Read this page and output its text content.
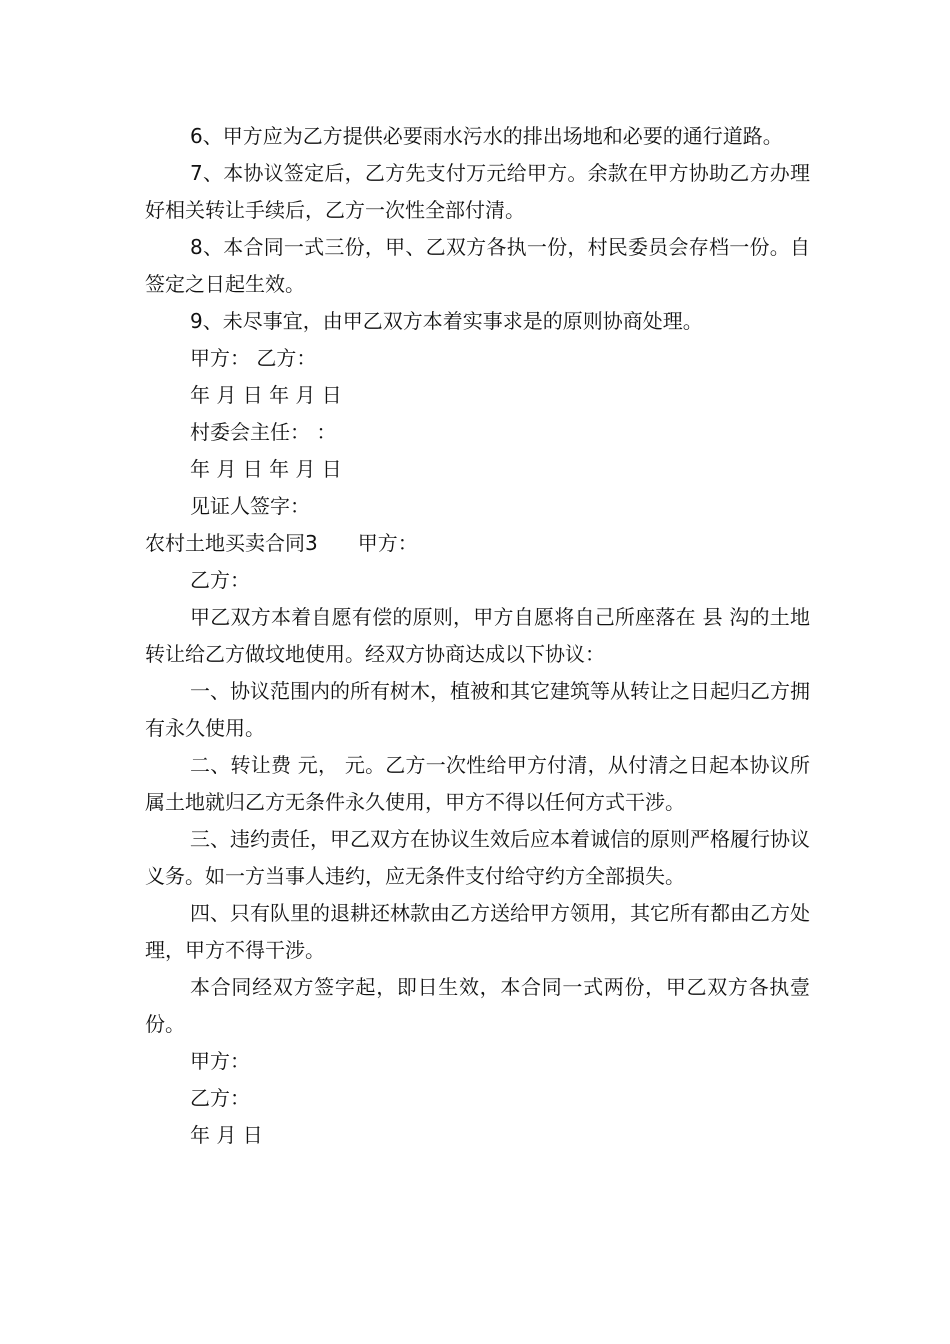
6、甲方应为乙方提供必要雨水污水的排出场地和必要的通行道路。

7、本协议签定后，乙方先支付万元给甲方。余款在甲方协助乙方办理好相关转让手续后，乙方一次性全部付清。

8、本合同一式三份，甲、乙双方各执一份，村民委员会存档一份。自签定之日起生效。

9、未尽事宜，由甲乙双方本着实事求是的原则协商处理。

甲方： 乙方：

年 月 日 年 月 日

村委会主任： ：

年 月 日 年 月 日

见证人签字：

农村土地买卖合同3 甲方：

乙方：

甲乙双方本着自愿有偿的原则，甲方自愿将自己所座落在 县 沟的土地转让给乙方做坟地使用。经双方协商达成以下协议：

一、协议范围内的所有树木，植被和其它建筑等从转让之日起归乙方拥有永久使用。

二、转让费 元， 元。乙方一次性给甲方付清，从付清之日起本协议所属土地就归乙方无条件永久使用，甲方不得以任何方式干涉。

三、违约责任，甲乙双方在协议生效后应本着诚信的原则严格履行协议义务。如一方当事人违约，应无条件支付给守约方全部损失。

四、只有队里的退耕还林款由乙方送给甲方领用，其它所有都由乙方处理，甲方不得干涉。

本合同经双方签字起，即日生效，本合同一式两份，甲乙双方各执壹份。

甲方：

乙方：

年 月 日
